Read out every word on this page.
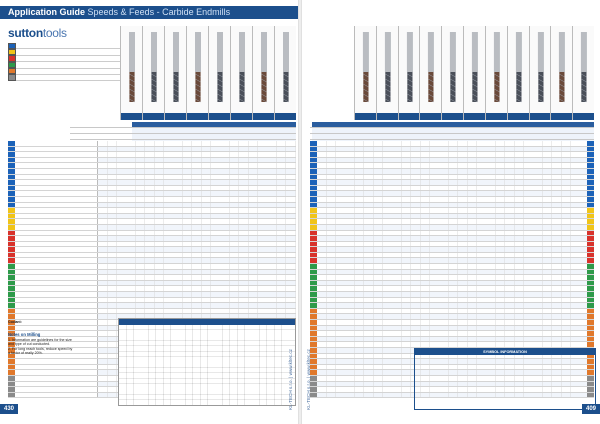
Application Guide Speeds & Feeds - Carbide Endmills
suttontools

Coolant:
Notes on Milling
1. Information are guidelines for the size
and type of cut conducted.
2. For long reach tools, reduce speed by
a factor of really 20%.	KL-TECH s.r.o. | www.kltec.cz
430
SYMBOL INFORMATION

KL-TECH s.r.o. | www.kltec.cz	409
